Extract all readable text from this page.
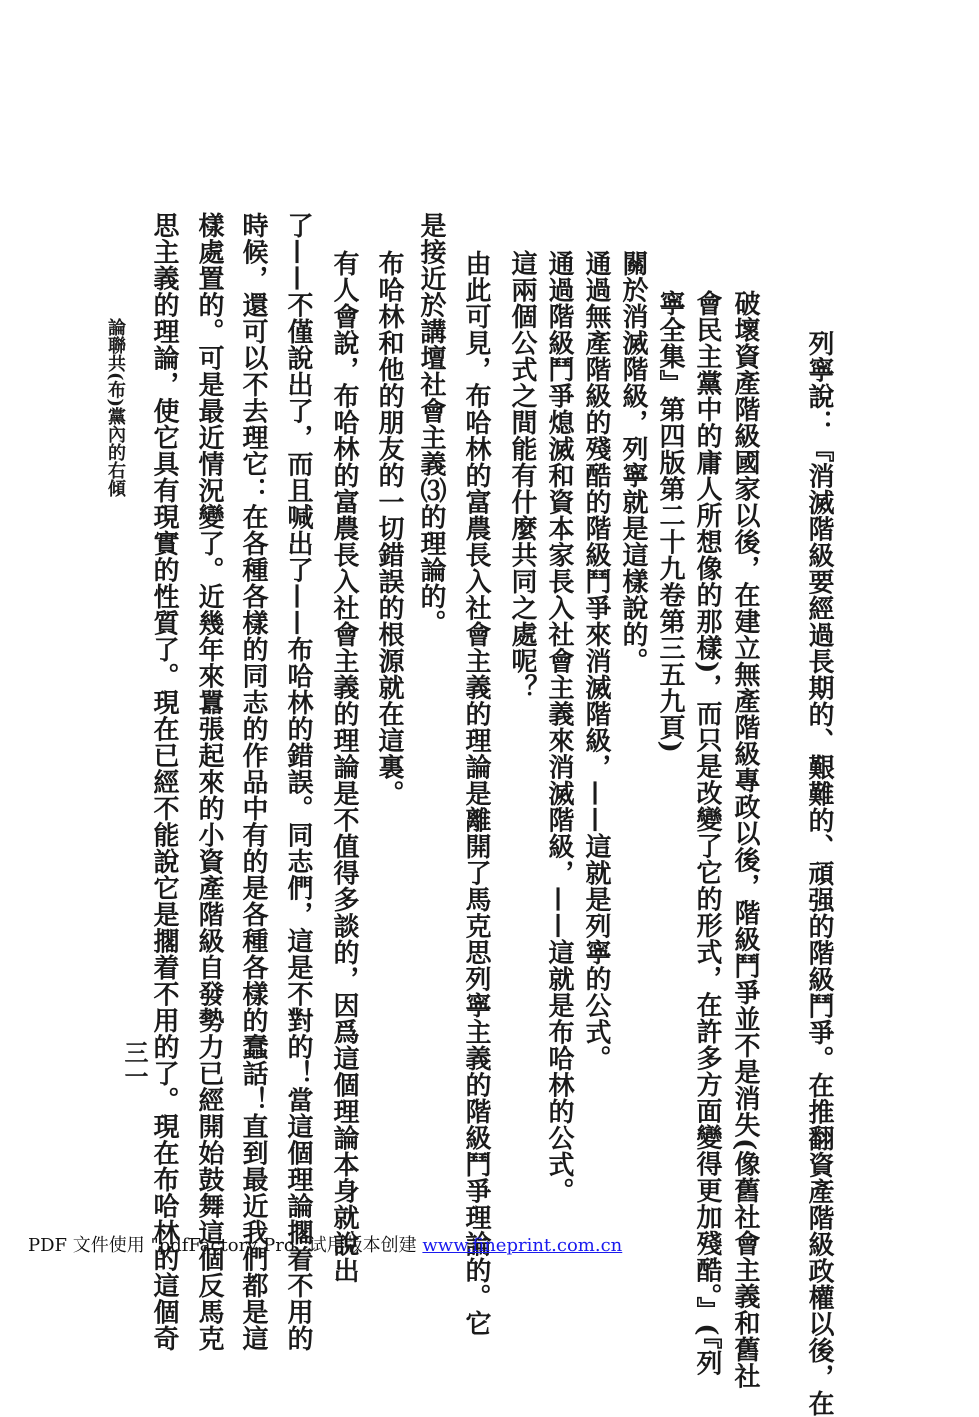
列寧說：『消滅階級要經過長期的、艱難的、頑强的階級鬥爭。在推翻資產階級政權以後，在
破壞資產階級國家以後，在建立無產階級專政以後，階級鬥爭並不是消失(像舊社會主義和舊社
會民主黨中的庸人所想像的那樣)，而只是改變了它的形式，在許多方面變得更加殘酷。』(『列
寧全集』第四版第二十九卷第三五九頁)
關於消滅階級，列寧就是這樣說的。
通過無產階級的殘酷的階級鬥爭來消滅階級，——這就是列寧的公式。
通過階級鬥爭熄滅和資本家長入社會主義來消滅階級，——這就是布哈林的公式。
這兩個公式之間能有什麼共同之處呢？
由此可見，布哈林的富農長入社會主義的理論是離開了馬克思列寧主義的階級鬥爭理論的。它
是接近於講壇社會主義⑶的理論的。
布哈林和他的朋友的一切錯誤的根源就在這裏。
有人會說，布哈林的富農長入社會主義的理論是不值得多談的，因爲這個理論本身就說出
了——不僅說出了，而且喊出了——布哈林的錯誤。同志們，這是不對的！當這個理論擱着不用的
時候，還可以不去理它：在各種各樣的同志的作品中有的是各種各樣的蠢話！直到最近我們都是這
樣處置的。可是最近情況變了。近幾年來囂張起來的小資產階級自發勢力已經開始鼓舞這個反馬克
思主義的理論，使它具有現實的性質了。現在已經不能說它是擱着不用的了。現在布哈林的這個奇
論聯共(布)黨內的右傾
三一
PDF 文件使用 "pdfFactory Pro" 试用版本创建 www.fineprint.com.cn
